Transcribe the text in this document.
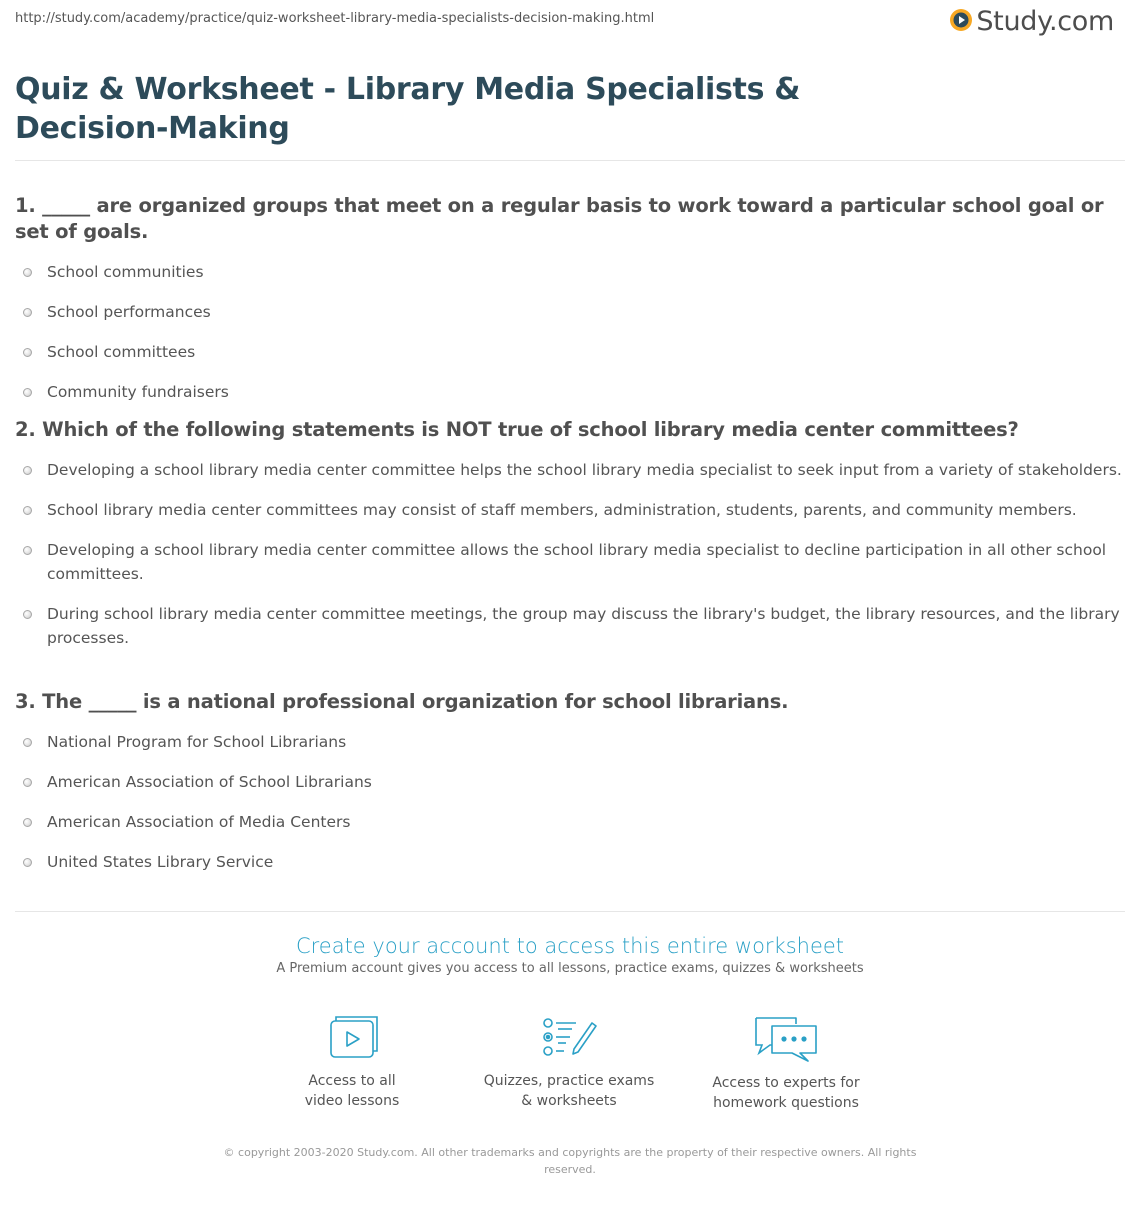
http://study.com/academy/practice/quiz-worksheet-library-media-specialists-decision-making.html	Study.com
Quiz & Worksheet - Library Media Specialists & Decision-Making
1. _____ are organized groups that meet on a regular basis to work toward a particular school goal or set of goals.
School communities
School performances
School committees
Community fundraisers
2. Which of the following statements is NOT true of school library media center committees?
Developing a school library media center committee helps the school library media specialist to seek input from a variety of stakeholders.
School library media center committees may consist of staff members, administration, students, parents, and community members.
Developing a school library media center committee allows the school library media specialist to decline participation in all other school committees.
During school library media center committee meetings, the group may discuss the library's budget, the library resources, and the library processes.
3. The _____ is a national professional organization for school librarians.
National Program for School Librarians
American Association of School Librarians
American Association of Media Centers
United States Library Service
Create your account to access this entire worksheet
A Premium account gives you access to all lessons, practice exams, quizzes & worksheets
Access to all
video lessons
Quizzes, practice exams
& worksheets
Access to experts for
homework questions
© copyright 2003-2020 Study.com. All other trademarks and copyrights are the property of their respective owners. All rights reserved.
